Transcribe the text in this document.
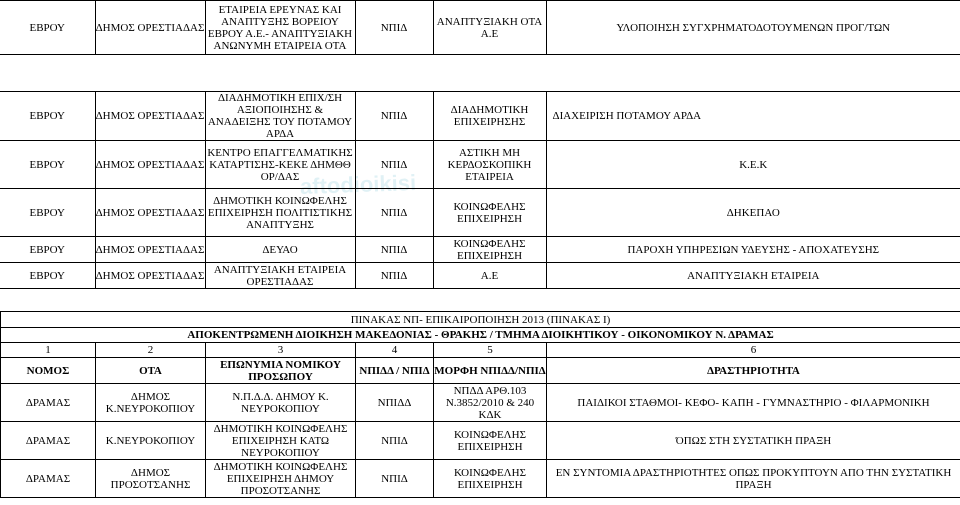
aftodioikisi
ΕΒΡΟΥ	ΔΗΜΟΣ ΟΡΕΣΤΙΑΔΑΣ	ΕΤΑΙΡΕΙΑ ΕΡΕΥΝΑΣ ΚΑΙ ΑΝΑΠΤΥΞΗΣ ΒΟΡΕΙΟΥ ΕΒΡΟΥ Α.Ε.- ΑΝΑΠΤΥΞΙΑΚΗ ΑΝΩΝΥΜΗ ΕΤΑΙΡΕΙΑ ΟΤΑ	ΝΠΙΔ	ΑΝΑΠΤΥΞΙΑΚΗ ΟΤΑ Α.Ε	ΥΛΟΠΟΙΗΣΗ ΣΥΓΧΡΗΜΑΤΟΔΟΤΟΥΜΕΝΩΝ ΠΡΟΓ/ΤΩΝ

ΕΒΡΟΥ	ΔΗΜΟΣ ΟΡΕΣΤΙΑΔΑΣ	ΔΙΑΔΗΜΟΤΙΚΗ ΕΠΙΧ/ΣΗ ΑΞΙΟΠΟΙΗΣΗΣ & ΑΝΑΔΕΙΞΗΣ ΤΟΥ ΠΟΤΑΜΟΥ ΑΡΔΑ	ΝΠΙΔ	ΔΙΑΔΗΜΟΤΙΚΗ ΕΠΙΧΕΙΡΗΣΗΣ	ΔΙΑΧΕΙΡΙΣΗ ΠΟΤΑΜΟΥ ΑΡΔΑ
ΕΒΡΟΥ	ΔΗΜΟΣ ΟΡΕΣΤΙΑΔΑΣ	ΚΕΝΤΡΟ ΕΠΑΓΓΕΛΜΑΤΙΚΗΣ ΚΑΤΑΡΤΙΣΗΣ-ΚΕΚΕ ΔΗΜΘΘ ΟΡ/ΔΑΣ	ΝΠΙΔ	ΑΣΤΙΚΗ ΜΗ ΚΕΡΔΟΣΚΟΠΙΚΗ ΕΤΑΙΡΕΙΑ	Κ.Ε.Κ
ΕΒΡΟΥ	ΔΗΜΟΣ ΟΡΕΣΤΙΑΔΑΣ	ΔΗΜΟΤΙΚΗ ΚΟΙΝΩΦΕΛΗΣ ΕΠΙΧΕΙΡΗΣΗ ΠΟΛΙΤΙΣΤΙΚΗΣ ΑΝΑΠΤΥΞΗΣ	ΝΠΙΔ	ΚΟΙΝΩΦΕΛΗΣ ΕΠΙΧΕΙΡΗΣΗ	ΔΗΚΕΠΑΟ
ΕΒΡΟΥ	ΔΗΜΟΣ ΟΡΕΣΤΙΑΔΑΣ	ΔΕΥΑΟ	ΝΠΙΔ	ΚΟΙΝΩΦΕΛΗΣ ΕΠΙΧΕΙΡΗΣΗ	ΠΑΡΟΧΗ ΥΠΗΡΕΣΙΩΝ ΥΔΕΥΣΗΣ - ΑΠΟΧΑΤΕΥΣΗΣ
ΕΒΡΟΥ	ΔΗΜΟΣ ΟΡΕΣΤΙΑΔΑΣ	ΑΝΑΠΤΥΞΙΑΚΗ ΕΤΑΙΡΕΙΑ ΟΡΕΣΤΙΑΔΑΣ	ΝΠΙΔ	Α.Ε	ΑΝΑΠΤΥΞΙΑΚΗ ΕΤΑΙΡΕΙΑ
ΠΙΝΑΚΑΣ ΝΠ- ΕΠΙΚΑΙΡΟΠΟΙΗΣΗ 2013 (ΠΙΝΑΚΑΣ Ι)					
ΑΠΟΚΕΝΤΡΩΜΕΝΗ ΔΙΟΙΚΗΣΗ ΜΑΚΕΔΟΝΙΑΣ - ΘΡΑΚΗΣ / ΤΜΗΜΑ ΔΙΟΙΚΗΤΙΚΟΥ - ΟΙΚΟΝΟΜΙΚΟΥ Ν. ΔΡΑΜΑΣ					
1	2	3	4	5	6
ΝΟΜΟΣ	ΟΤΑ	ΕΠΩΝΥΜΙΑ ΝΟΜΙΚΟΥ ΠΡΟΣΩΠΟΥ	ΝΠΙΔΔ / ΝΠΙΔ	ΜΟΡΦΗ ΝΠΙΔΔ/ΝΠΙΔ	ΔΡΑΣΤΗΡΙΟΤΗΤΑ
ΔΡΑΜΑΣ	ΔΗΜΟΣ Κ.ΝΕΥΡΟΚΟΠΙΟΥ	Ν.Π.Δ.Δ. ΔΗΜΟΥ Κ. ΝΕΥΡΟΚΟΠΙΟΥ	ΝΠΙΔΔ	ΝΠΔΔ ΑΡΘ.103 Ν.3852/2010 & 240 ΚΔΚ	ΠΑΙΔΙΚΟΙ ΣΤΑΘΜΟΙ- ΚΕΦΟ- ΚΑΠΗ - ΓΥΜΝΑΣΤΗΡΙΟ - ΦΙΛΑΡΜΟΝΙΚΗ
ΔΡΑΜΑΣ	Κ.ΝΕΥΡΟΚΟΠΙΟΥ	ΔΗΜΟΤΙΚΗ ΚΟΙΝΩΦΕΛΗΣ ΕΠΙΧΕΙΡΗΣΗ ΚΑΤΩ ΝΕΥΡΟΚΟΠΙΟΥ	ΝΠΙΔ	ΚΟΙΝΩΦΕΛΗΣ ΕΠΙΧΕΙΡΗΣΗ	ΌΠΩΣ ΣΤΗ ΣΥΣΤΑΤΙΚΗ ΠΡΑΞΗ
ΔΡΑΜΑΣ	ΔΗΜΟΣ ΠΡΟΣΟΤΣΑΝΗΣ	ΔΗΜΟΤΙΚΗ ΚΟΙΝΩΦΕΛΗΣ ΕΠΙΧΕΙΡΗΣΗ ΔΗΜΟΥ ΠΡΟΣΟΤΣΑΝΗΣ	ΝΠΙΔ	ΚΟΙΝΩΦΕΛΗΣ ΕΠΙΧΕΙΡΗΣΗ	ΕΝ ΣΥΝΤΟΜΙΑ ΔΡΑΣΤΗΡΙΟΤΗΤΕΣ ΟΠΩΣ ΠΡΟΚΥΠΤΟΥΝ ΑΠΟ ΤΗΝ ΣΥΣΤΑΤΙΚΗ ΠΡΑΞΗ
